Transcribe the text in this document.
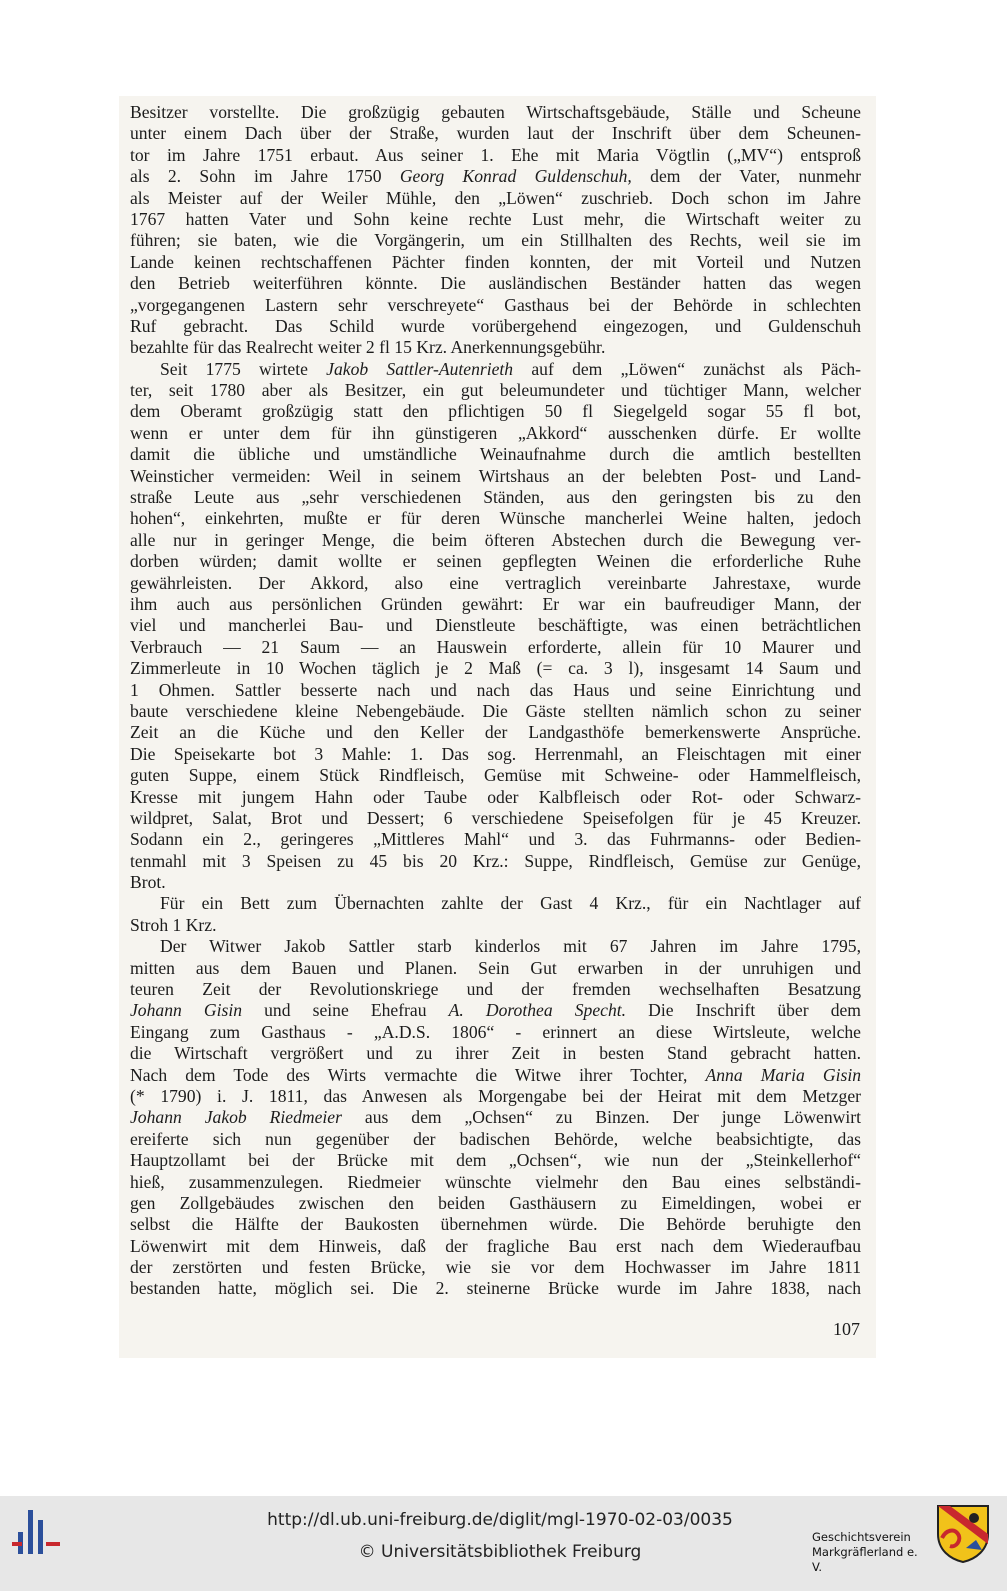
Besitzer vorstellte. Die großzügig gebauten Wirtschaftsgebäude, Ställe und Scheune
unter einem Dach über der Straße, wurden laut der Inschrift über dem Scheunen-
tor im Jahre 1751 erbaut. Aus seiner 1. Ehe mit Maria Vögtlin („MV“) entsproß
als 2. Sohn im Jahre 1750 Georg Konrad Guldenschuh, dem der Vater, nunmehr
als Meister auf der Weiler Mühle, den „Löwen“ zuschrieb. Doch schon im Jahre
1767 hatten Vater und Sohn keine rechte Lust mehr, die Wirtschaft weiter zu
führen; sie baten, wie die Vorgängerin, um ein Stillhalten des Rechts, weil sie im
Lande keinen rechtschaffenen Pächter finden konnten, der mit Vorteil und Nutzen
den Betrieb weiterführen könnte. Die ausländischen Beständer hatten das wegen
„vorgegangenen Lastern sehr verschreyete“ Gasthaus bei der Behörde in schlechten
Ruf gebracht. Das Schild wurde vorübergehend eingezogen, und Guldenschuh
bezahlte für das Realrecht weiter 2 fl 15 Krz. Anerkennungsgebühr.
Seit 1775 wirtete Jakob Sattler-Autenrieth auf dem „Löwen“ zunächst als Päch-
ter, seit 1780 aber als Besitzer, ein gut beleumundeter und tüchtiger Mann, welcher
dem Oberamt großzügig statt den pflichtigen 50 fl Siegelgeld sogar 55 fl bot,
wenn er unter dem für ihn günstigeren „Akkord“ ausschenken dürfe. Er wollte
damit die übliche und umständliche Weinaufnahme durch die amtlich bestellten
Weinsticher vermeiden: Weil in seinem Wirtshaus an der belebten Post- und Land-
straße Leute aus „sehr verschiedenen Ständen, aus den geringsten bis zu den
hohen“, einkehrten, mußte er für deren Wünsche mancherlei Weine halten, jedoch
alle nur in geringer Menge, die beim öfteren Abstechen durch die Bewegung ver-
dorben würden; damit wollte er seinen gepflegten Weinen die erforderliche Ruhe
gewährleisten. Der Akkord, also eine vertraglich vereinbarte Jahrestaxe, wurde
ihm auch aus persönlichen Gründen gewährt: Er war ein baufreudiger Mann, der
viel und mancherlei Bau- und Dienstleute beschäftigte, was einen beträchtlichen
Verbrauch — 21 Saum — an Hauswein erforderte, allein für 10 Maurer und
Zimmerleute in 10 Wochen täglich je 2 Maß (= ca. 3 l), insgesamt 14 Saum und
1 Ohmen. Sattler besserte nach und nach das Haus und seine Einrichtung und
baute verschiedene kleine Nebengebäude. Die Gäste stellten nämlich schon zu seiner
Zeit an die Küche und den Keller der Landgasthöfe bemerkenswerte Ansprüche.
Die Speisekarte bot 3 Mahle: 1. Das sog. Herrenmahl, an Fleischtagen mit einer
guten Suppe, einem Stück Rindfleisch, Gemüse mit Schweine- oder Hammelfleisch,
Kresse mit jungem Hahn oder Taube oder Kalbfleisch oder Rot- oder Schwarz-
wildpret, Salat, Brot und Dessert; 6 verschiedene Speisefolgen für je 45 Kreuzer.
Sodann ein 2., geringeres „Mittleres Mahl“ und 3. das Fuhrmanns- oder Bedien-
tenmahl mit 3 Speisen zu 45 bis 20 Krz.: Suppe, Rindfleisch, Gemüse zur Genüge,
Brot.
Für ein Bett zum Übernachten zahlte der Gast 4 Krz., für ein Nachtlager auf
Stroh 1 Krz.
Der Witwer Jakob Sattler starb kinderlos mit 67 Jahren im Jahre 1795,
mitten aus dem Bauen und Planen. Sein Gut erwarben in der unruhigen und
teuren Zeit der Revolutionskriege und der fremden wechselhaften Besatzung
Johann Gisin und seine Ehefrau A. Dorothea Specht. Die Inschrift über dem
Eingang zum Gasthaus - „A.D.S. 1806“ - erinnert an diese Wirtsleute, welche
die Wirtschaft vergrößert und zu ihrer Zeit in besten Stand gebracht hatten.
Nach dem Tode des Wirts vermachte die Witwe ihrer Tochter, Anna Maria Gisin
(* 1790) i. J. 1811, das Anwesen als Morgengabe bei der Heirat mit dem Metzger
Johann Jakob Riedmeier aus dem „Ochsen“ zu Binzen. Der junge Löwenwirt
ereiferte sich nun gegenüber der badischen Behörde, welche beabsichtigte, das
Hauptzollamt bei der Brücke mit dem „Ochsen“, wie nun der „Steinkellerhof“
hieß, zusammenzulegen. Riedmeier wünschte vielmehr den Bau eines selbständi-
gen Zollgebäudes zwischen den beiden Gasthäusern zu Eimeldingen, wobei er
selbst die Hälfte der Baukosten übernehmen würde. Die Behörde beruhigte den
Löwenwirt mit dem Hinweis, daß der fragliche Bau erst nach dem Wiederaufbau
der zerstörten und festen Brücke, wie sie vor dem Hochwasser im Jahre 1811
bestanden hatte, möglich sei. Die 2. steinerne Brücke wurde im Jahre 1838, nach
107
http://dl.ub.uni-freiburg.de/diglit/mgl-1970-02-03/0035
© Universitätsbibliothek Freiburg
Geschichtsverein
Markgräflerland e. V.
